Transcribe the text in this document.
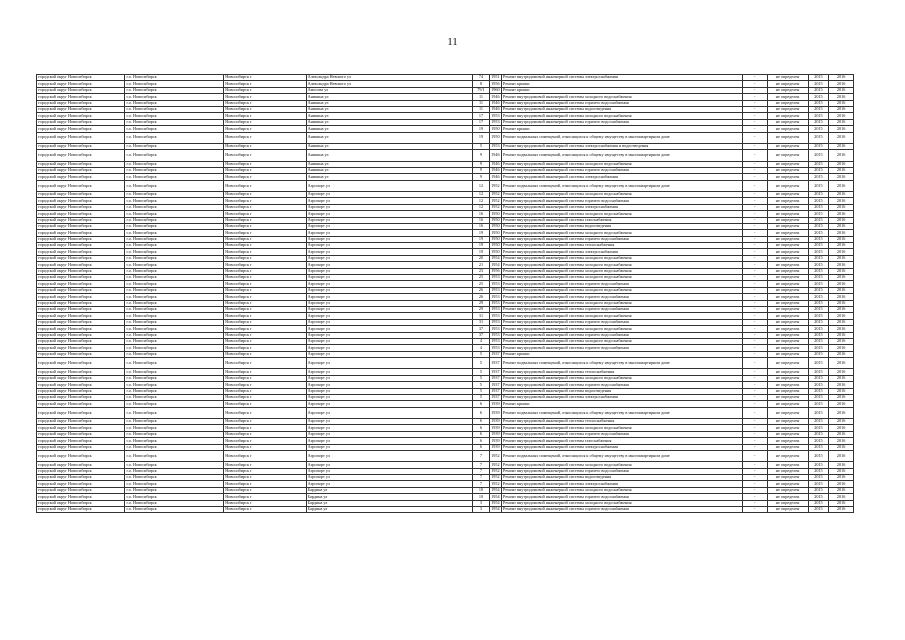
11
городской округ Новосибирск	г.о. Новосибирск	Новосибирск г	Александра Невского ул	74	1951	Ремонт внутридомовой инженерной системы электроснабжения	-	не определен	2015	2016
городской округ Новосибирск	г.о. Новосибирск	Новосибирск г	Александра Невского ул	8	1956	Ремонт крыши	-	не определен	2015	2016
городской округ Новосибирск	г.о. Новосибирск	Новосибирск г	Амосова ул	79/1	1960	Ремонт крыши	-	не определен	2015	2016
городской округ Новосибирск	г.о. Новосибирск	Новосибирск г	Аникина ул	11	1946	Ремонт внутридомовой инженерной системы холодного водоснабжения	-	не определен	2015	2016
городской округ Новосибирск	г.о. Новосибирск	Новосибирск г	Аникина ул	11	1946	Ремонт внутридомовой инженерной системы горячего водоснабжения	-	не определен	2015	2016
городской округ Новосибирск	г.о. Новосибирск	Новосибирск г	Аникина ул	11	1946	Ремонт внутридомовой инженерной системы водоотведения	-	не определен	2015	2016
городской округ Новосибирск	г.о. Новосибирск	Новосибирск г	Аникина ул	17	1953	Ремонт внутридомовой инженерной системы холодного водоснабжения	-	не определен	2015	2016
городской округ Новосибирск	г.о. Новосибирск	Новосибирск г	Аникина ул	17	1953	Ремонт внутридомовой инженерной системы горячего водоснабжения	-	не определен	2015	2016
городской округ Новосибирск	г.о. Новосибирск	Новосибирск г	Аникина ул	19	1950	Ремонт крыши	-	не определен	2015	2016
городской округ Новосибирск	г.о. Новосибирск	Новосибирск г	Аникина ул	19	1950	Ремонт подвальных помещений, относящихся к общему имуществу в многоквартирном доме	-	не определен	2015	2016
городской округ Новосибирск	г.о. Новосибирск	Новосибирск г	Аникина ул	5	1953	Ремонт внутридомовой инженерной системы электроснабжения и водоотведения	-	не определен	2015	2016
городской округ Новосибирск	г.о. Новосибирск	Новосибирск г	Аникина ул	9	1946	Ремонт подвальных помещений, относящихся к общему имуществу в многоквартирном доме	-	не определен	2015	2016
городской округ Новосибирск	г.о. Новосибирск	Новосибирск г	Аникина ул	9	1946	Ремонт внутридомовой инженерной системы холодного водоснабжения	-	не определен	2015	2016
городской округ Новосибирск	г.о. Новосибирск	Новосибирск г	Аникина ул	9	1946	Ремонт внутридомовой инженерной системы горячего водоснабжения	-	не определен	2015	2016
городской округ Новосибирск	г.о. Новосибирск	Новосибирск г	Аникина ул	9	1946	Ремонт внутридомовой инженерной системы электроснабжения	-	не определен	2015	2016
городской округ Новосибирск	г.о. Новосибирск	Новосибирск г	Аэропорт ул	12	1952	Ремонт подвальных помещений, относящихся к общему имуществу в многоквартирном доме	-	не определен	2015	2016
городской округ Новосибирск	г.о. Новосибирск	Новосибирск г	Аэропорт ул	12	1952	Ремонт внутридомовой инженерной системы холодного водоснабжения	-	не определен	2015	2016
городской округ Новосибирск	г.о. Новосибирск	Новосибирск г	Аэропорт ул	12	1952	Ремонт внутридомовой инженерной системы горячего водоснабжения	-	не определен	2015	2016
городской округ Новосибирск	г.о. Новосибирск	Новосибирск г	Аэропорт ул	12	1952	Ремонт внутридомовой инженерной системы электроснабжения	-	не определен	2015	2016
городской округ Новосибирск	г.о. Новосибирск	Новосибирск г	Аэропорт ул	16	1950	Ремонт внутридомовой инженерной системы холодного водоснабжения	-	не определен	2015	2016
городской округ Новосибирск	г.о. Новосибирск	Новосибирск г	Аэропорт ул	16	1950	Ремонт внутридомовой инженерной системы газоснабжения	-	не определен	2015	2016
городской округ Новосибирск	г.о. Новосибирск	Новосибирск г	Аэропорт ул	16	1950	Ремонт внутридомовой инженерной системы водоотведения	-	не определен	2015	2016
городской округ Новосибирск	г.о. Новосибирск	Новосибирск г	Аэропорт ул	19	1950	Ремонт внутридомовой инженерной системы холодного водоснабжения	-	не определен	2015	2016
городской округ Новосибирск	г.о. Новосибирск	Новосибирск г	Аэропорт ул	19	1950	Ремонт внутридомовой инженерной системы горячего водоснабжения	-	не определен	2015	2016
городской округ Новосибирск	г.о. Новосибирск	Новосибирск г	Аэропорт ул	19	1950	Ремонт внутридомовой инженерной системы теплоснабжения	-	не определен	2015	2016
городской округ Новосибирск	г.о. Новосибирск	Новосибирск г	Аэропорт ул	19	1950	Ремонт внутридомовой инженерной системы электроснабжения	-	не определен	2015	2016
городской округ Новосибирск	г.о. Новосибирск	Новосибирск г	Аэропорт ул	20	1954	Ремонт внутридомовой инженерной системы холодного водоснабжения	-	не определен	2015	2016
городской округ Новосибирск	г.о. Новосибирск	Новосибирск г	Аэропорт ул	21	1954	Ремонт внутридомовой инженерной системы холодного водоснабжения	-	не определен	2015	2016
городской округ Новосибирск	г.о. Новосибирск	Новосибирск г	Аэропорт ул	23	1956	Ремонт внутридомовой инженерной системы холодного водоснабжения	-	не определен	2015	2016
городской округ Новосибирск	г.о. Новосибирск	Новосибирск г	Аэропорт ул	25	1953	Ремонт внутридомовой инженерной системы холодного водоснабжения	-	не определен	2015	2016
городской округ Новосибирск	г.о. Новосибирск	Новосибирск г	Аэропорт ул	25	1953	Ремонт внутридомовой инженерной системы горячего водоснабжения	-	не определен	2015	2016
городской округ Новосибирск	г.о. Новосибирск	Новосибирск г	Аэропорт ул	26	1953	Ремонт внутридомовой инженерной системы холодного водоснабжения	-	не определен	2015	2016
городской округ Новосибирск	г.о. Новосибирск	Новосибирск г	Аэропорт ул	26	1953	Ремонт внутридомовой инженерной системы горячего водоснабжения	-	не определен	2015	2016
городской округ Новосибирск	г.о. Новосибирск	Новосибирск г	Аэропорт ул	29	1953	Ремонт внутридомовой инженерной системы холодного водоснабжения	-	не определен	2015	2016
городской округ Новосибирск	г.о. Новосибирск	Новосибирск г	Аэропорт ул	29	1953	Ремонт внутридомовой инженерной системы горячего водоснабжения	-	не определен	2015	2016
городской округ Новосибирск	г.о. Новосибирск	Новосибирск г	Аэропорт ул	31	1953	Ремонт внутридомовой инженерной системы холодного водоснабжения	-	не определен	2015	2016
городской округ Новосибирск	г.о. Новосибирск	Новосибирск г	Аэропорт ул	31	1953	Ремонт внутридомовой инженерной системы горячего водоснабжения	-	не определен	2015	2016
городской округ Новосибирск	г.о. Новосибирск	Новосибирск г	Аэропорт ул	37	1953	Ремонт внутридомовой инженерной системы холодного водоснабжения	-	не определен	2015	2016
городской округ Новосибирск	г.о. Новосибирск	Новосибирск г	Аэропорт ул	37	1953	Ремонт внутридомовой инженерной системы горячего водоснабжения	-	не определен	2015	2016
городской округ Новосибирск	г.о. Новосибирск	Новосибирск г	Аэропорт ул	4	1953	Ремонт внутридомовой инженерной системы холодного водоснабжения	-	не определен	2015	2016
городской округ Новосибирск	г.о. Новосибирск	Новосибирск г	Аэропорт ул	4	1953	Ремонт внутридомовой инженерной системы горячего водоснабжения	-	не определен	2015	2016
городской округ Новосибирск	г.о. Новосибирск	Новосибирск г	Аэропорт ул	5	1937	Ремонт крыши	-	не определен	2015	2016
городской округ Новосибирск	г.о. Новосибирск	Новосибирск г	Аэропорт ул	5	1937	Ремонт подвальных помещений, относящихся к общему имуществу в многоквартирном доме	-	не определен	2015	2016
городской округ Новосибирск	г.о. Новосибирск	Новосибирск г	Аэропорт ул	5	1937	Ремонт внутридомовой инженерной системы теплоснабжения	-	не определен	2015	2016
городской округ Новосибирск	г.о. Новосибирск	Новосибирск г	Аэропорт ул	5	1937	Ремонт внутридомовой инженерной системы холодного водоснабжения	-	не определен	2015	2016
городской округ Новосибирск	г.о. Новосибирск	Новосибирск г	Аэропорт ул	5	1937	Ремонт внутридомовой инженерной системы горячего водоснабжения	-	не определен	2015	2016
городской округ Новосибирск	г.о. Новосибирск	Новосибирск г	Аэропорт ул	5	1937	Ремонт внутридомовой инженерной системы водоотведения	-	не определен	2015	2016
городской округ Новосибирск	г.о. Новосибирск	Новосибирск г	Аэропорт ул	5	1937	Ремонт внутридомовой инженерной системы электроснабжения	-	не определен	2015	2016
городской округ Новосибирск	г.о. Новосибирск	Новосибирск г	Аэропорт ул	6	1939	Ремонт крыши	-	не определен	2015	2016
городской округ Новосибирск	г.о. Новосибирск	Новосибирск г	Аэропорт ул	6	1939	Ремонт подвальных помещений, относящихся к общему имуществу в многоквартирном доме	-	не определен	2015	2016
городской округ Новосибирск	г.о. Новосибирск	Новосибирск г	Аэропорт ул	6	1939	Ремонт внутридомовой инженерной системы теплоснабжения	-	не определен	2015	2016
городской округ Новосибирск	г.о. Новосибирск	Новосибирск г	Аэропорт ул	6	1939	Ремонт внутридомовой инженерной системы холодного водоснабжения	-	не определен	2015	2016
городской округ Новосибирск	г.о. Новосибирск	Новосибирск г	Аэропорт ул	6	1939	Ремонт внутридомовой инженерной системы горячего водоснабжения	-	не определен	2015	2016
городской округ Новосибирск	г.о. Новосибирск	Новосибирск г	Аэропорт ул	6	1939	Ремонт внутридомовой инженерной системы газоснабжения	-	не определен	2015	2016
городской округ Новосибирск	г.о. Новосибирск	Новосибирск г	Аэропорт ул	6	1939	Ремонт внутридомовой инженерной системы электроснабжения	-	не определен	2015	2016
городской округ Новосибирск	г.о. Новосибирск	Новосибирск г	Аэропорт ул	7	1952	Ремонт подвальных помещений, относящихся к общему имуществу в многоквартирном доме	-	не определен	2015	2016
городской округ Новосибирск	г.о. Новосибирск	Новосибирск г	Аэропорт ул	7	1952	Ремонт внутридомовой инженерной системы холодного водоснабжения	-	не определен	2015	2016
городской округ Новосибирск	г.о. Новосибирск	Новосибирск г	Аэропорт ул	7	1952	Ремонт внутридомовой инженерной системы горячего водоснабжения	-	не определен	2015	2016
городской округ Новосибирск	г.о. Новосибирск	Новосибирск г	Аэропорт ул	7	1952	Ремонт внутридомовой инженерной системы водоотведения	-	не определен	2015	2016
городской округ Новосибирск	г.о. Новосибирск	Новосибирск г	Аэропорт ул	7	1952	Ремонт внутридомовой инженерной системы электроснабжения	-	не определен	2015	2016
городской округ Новосибирск	г.о. Новосибирск	Новосибирск г	Бардина ул	10	1954	Ремонт внутридомовой инженерной системы холодного водоснабжения	-	не определен	2015	2016
городской округ Новосибирск	г.о. Новосибирск	Новосибирск г	Бардина ул	10	1954	Ремонт внутридомовой инженерной системы горячего водоснабжения	-	не определен	2015	2016
городской округ Новосибирск	г.о. Новосибирск	Новосибирск г	Бардина ул	3	1954	Ремонт внутридомовой инженерной системы холодного водоснабжения	-	не определен	2015	2016
городской округ Новосибирск	г.о. Новосибирск	Новосибирск г	Бардина ул	3	1954	Ремонт внутридомовой инженерной системы горячего водоснабжения	-	не определен	2015	2016
